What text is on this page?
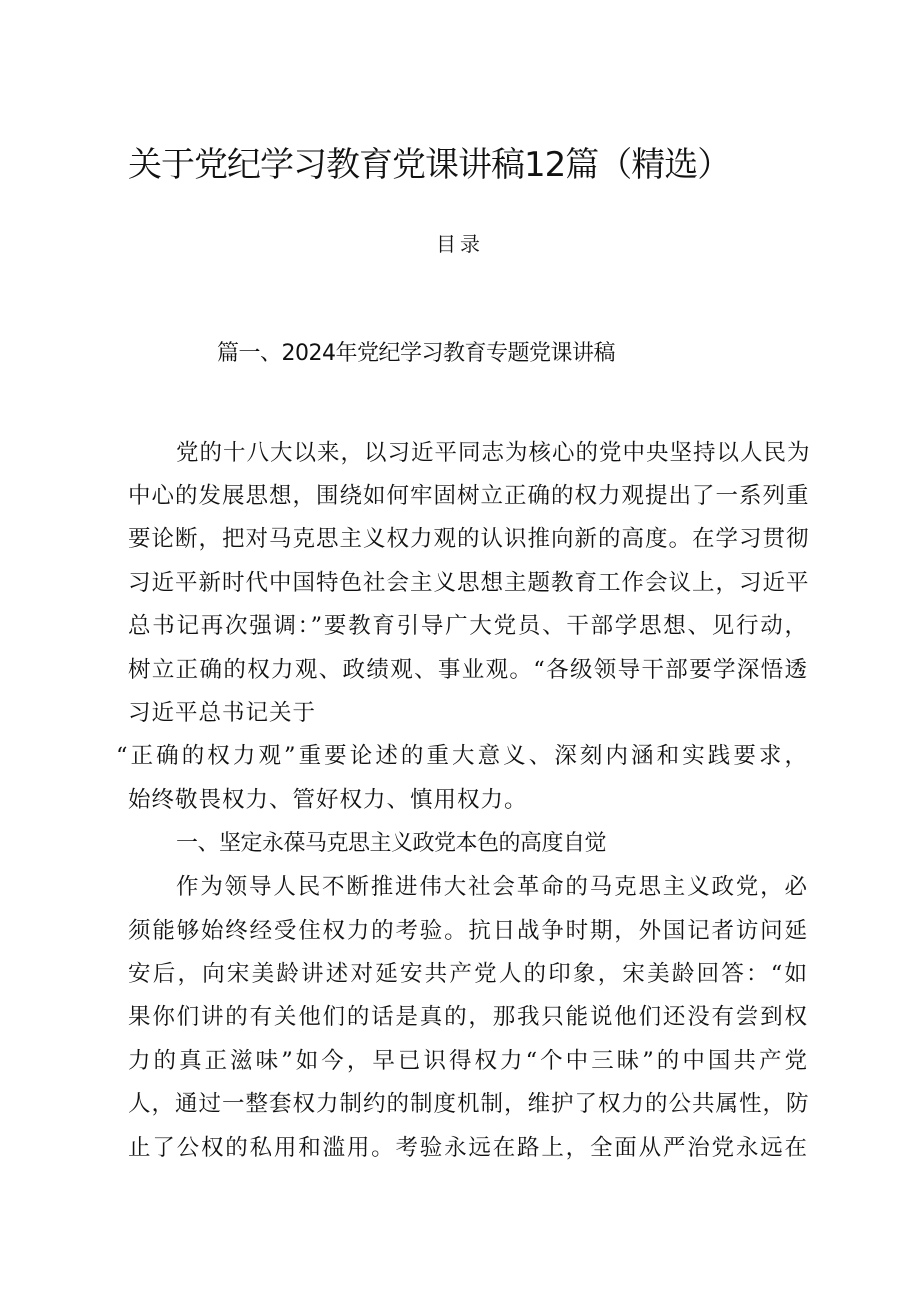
关于党纪学习教育党课讲稿12篇（精选）
目录
篇一、2024年党纪学习教育专题党课讲稿
党的十八大以来，以习近平同志为核心的党中央坚持以人民为
中心的发展思想，围绕如何牢固树立正确的权力观提出了一系列重
要论断，把对马克思主义权力观的认识推向新的高度。在学习贯彻
习近平新时代中国特色社会主义思想主题教育工作会议上，习近平
总书记再次强调：”要教育引导广大党员、干部学思想、见行动，
树立正确的权力观、政绩观、事业观。“各级领导干部要学深悟透
习近平总书记关于
“正确的权力观”重要论述的重大意义、深刻内涵和实践要求，
始终敬畏权力、管好权力、慎用权力。
一、坚定永葆马克思主义政党本色的高度自觉
作为领导人民不断推进伟大社会革命的马克思主义政党，必
须能够始终经受住权力的考验。抗日战争时期，外国记者访问延
安后，向宋美龄讲述对延安共产党人的印象，宋美龄回答：“如
果你们讲的有关他们的话是真的，那我只能说他们还没有尝到权
力的真正滋味”如今，早已识得权力“个中三昧”的中国共产党
人，通过一整套权力制约的制度机制，维护了权力的公共属性，防
止了公权的私用和滥用。考验永远在路上，全面从严治党永远在
